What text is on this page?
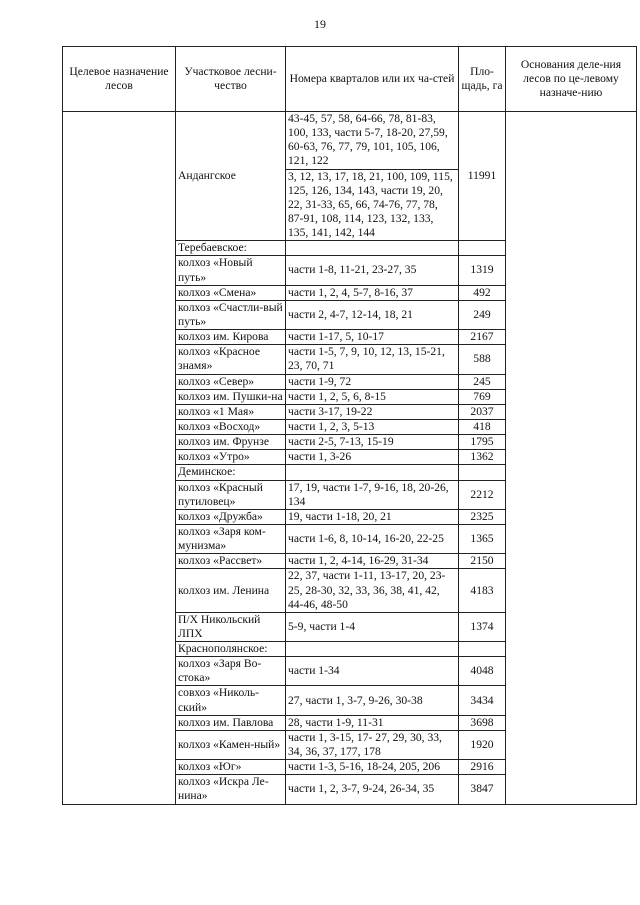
19
Целевое назначение лесов	Участковое лесни-чество	Номера кварталов или их ча-стей	Пло-щадь, га	Основания деле-ния лесов по це-левому назначе-нию
	Андангское	43-45, 57, 58, 64-66, 78, 81-83, 100, 133, части 5-7, 18-20, 27,59, 60-63, 76, 77, 79, 101, 105, 106, 121, 122	11991	
		3, 12, 13, 17, 18, 21, 100, 109, 115, 125, 126, 134, 143, части 19, 20, 22, 31-33, 65, 66, 74-76, 77, 78, 87-91, 108, 114, 123, 132, 133, 135, 141, 142, 144		
	Теребаевское:			
	колхоз «Новый путь»	части 1-8, 11-21, 23-27, 35	1319	
	колхоз «Смена»	части 1, 2, 4, 5-7, 8-16, 37	492	
	колхоз «Счастли-вый путь»	части 2, 4-7, 12-14, 18, 21	249	
	колхоз им. Кирова	части 1-17, 5, 10-17	2167	
	колхоз «Красное знамя»	части 1-5, 7, 9, 10, 12, 13, 15-21, 23, 70, 71	588	
	колхоз «Север»	части 1-9, 72	245	
	колхоз им. Пушки-на	части 1, 2, 5, 6, 8-15	769	
	колхоз «1 Мая»	части 3-17, 19-22	2037	
	колхоз «Восход»	части 1, 2, 3, 5-13	418	
	колхоз им. Фрунзе	части 2-5, 7-13, 15-19	1795	
	колхоз «Утро»	части 1, 3-26	1362	
	Деминское:			
	колхоз «Красный путиловец»	17, 19, части 1-7, 9-16, 18, 20-26, 134	2212	
	колхоз «Дружба»	19, части 1-18, 20, 21	2325	
	колхоз «Заря ком-мунизма»	части 1-6, 8, 10-14, 16-20, 22-25	1365	
	колхоз «Рассвет»	части 1, 2, 4-14, 16-29, 31-34	2150	
	колхоз им. Ленина	22, 37, части 1-11, 13-17, 20, 23- 25, 28-30, 32, 33, 36, 38, 41, 42, 44-46, 48-50	4183	
	П/Х Никольский ЛПХ	5-9, части 1-4	1374	
	Краснополянское:			
	колхоз «Заря Во-стока»	части 1-34	4048	
	совхоз «Николь-ский»	27, части 1, 3-7, 9-26, 30-38	3434	
	колхоз им. Павлова	28, части 1-9, 11-31	3698	
	колхоз «Камен-ный»	части 1, 3-15, 17- 27, 29, 30, 33, 34, 36, 37, 177, 178	1920	
	колхоз «Юг»	части 1-3, 5-16, 18-24, 205, 206	2916	
	колхоз «Искра Ле-нина»	части 1, 2, 3-7, 9-24, 26-34, 35	3847	
